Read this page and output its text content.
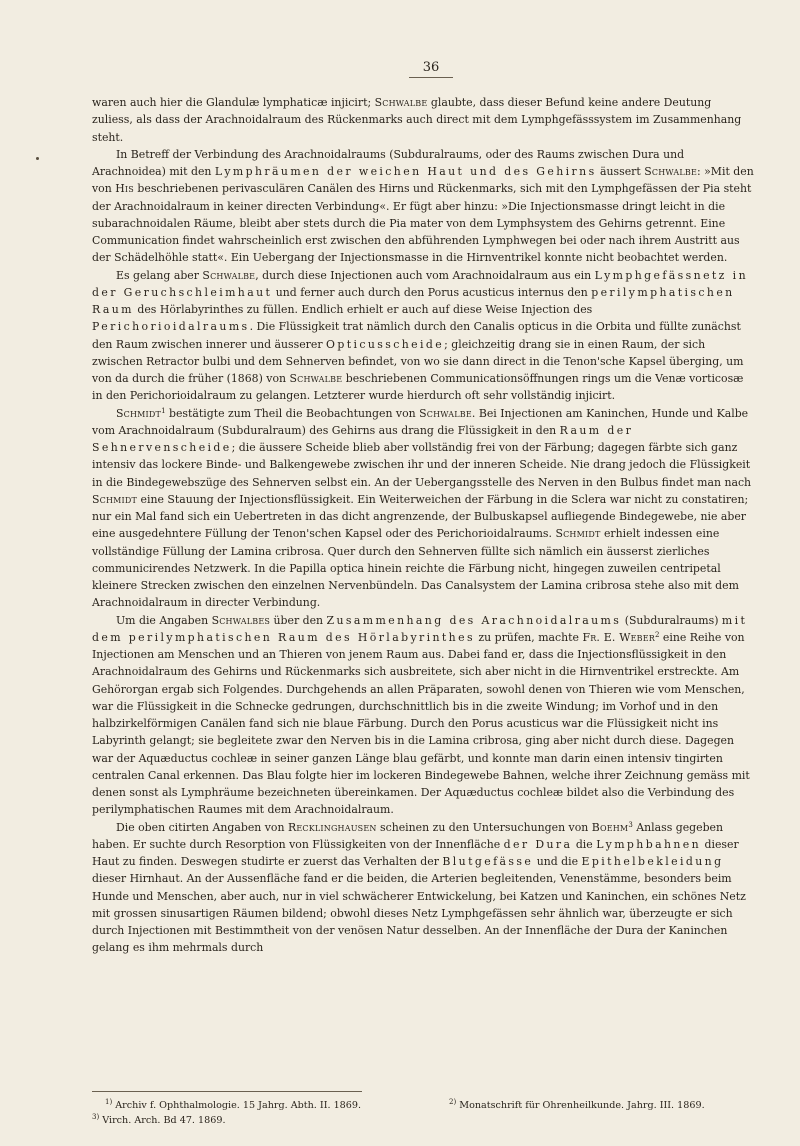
36

waren auch hier die Glandulæ lymphaticæ injicirt; Schwalbe glaubte, dass dieser Befund keine andere Deutung zuliess, als dass der Arachnoidalraum des Rückenmarks auch direct mit dem Lymphgefässsystem im Zusammenhang steht.

In Betreff der Verbindung des Arachnoidalraums (Subduralraums, oder des Raums zwischen Dura und Arachnoidea) mit den Lymphräumen der weichen Haut und des Gehirns äussert Schwalbe: »Mit den von His beschriebenen perivasculären Canälen des Hirns und Rückenmarks, sich mit den Lymphgefässen der Pia steht der Arachnoidalraum in keiner directen Verbindung«. Er fügt aber hinzu: »Die Injectionsmasse dringt leicht in die subarachnoidalen Räume, bleibt aber stets durch die Pia mater von dem Lymphsystem des Gehirns getrennt. Eine Communication findet wahrscheinlich erst zwischen den abführenden Lymphwegen bei oder nach ihrem Austritt aus der Schädelhöhle statt«. Ein Uebergang der Injectionsmasse in die Hirnventrikel konnte nicht beobachtet werden.

Es gelang aber Schwalbe, durch diese Injectionen auch vom Arachnoidalraum aus ein Lymphgefässnetz in der Geruchschleimhaut und ferner auch durch den Porus acusticus internus den perilymphatischen Raum des Hörlabyrinthes zu füllen. Endlich erhielt er auch auf diese Weise Injection des Perichorioidalraums. Die Flüssigkeit trat nämlich durch den Canalis opticus in die Orbita und füllte zunächst den Raum zwischen innerer und äusserer Opticusscheide; gleichzeitig drang sie in einen Raum, der sich zwischen Retractor bulbi und dem Sehnerven befindet, von wo sie dann direct in die Tenon'sche Kapsel überging, um von da durch die früher (1868) von Schwalbe beschriebenen Communicationsöffnungen rings um die Venæ vorticosæ in den Perichorioidalraum zu gelangen. Letzterer wurde hierdurch oft sehr vollständig injicirt.

Schmidt$^1$ bestätigte zum Theil die Beobachtungen von Schwalbe. Bei Injectionen am Kaninchen, Hunde und Kalbe vom Arachnoidalraum (Subduralraum) des Gehirns aus drang die Flüssigkeit in den Raum der Sehnervenscheide; die äussere Scheide blieb aber vollständig frei von der Färbung; dagegen färbte sich ganz intensiv das lockere Binde- und Balkengewebe zwischen ihr und der inneren Scheide. Nie drang jedoch die Flüssigkeit in die Bindegewebszüge des Sehnerven selbst ein. An der Uebergangsstelle des Nerven in den Bulbus findet man nach Schmidt eine Stauung der Injectionsflüssigkeit. Ein Weiterweichen der Färbung in die Sclera war nicht zu constatiren; nur ein Mal fand sich ein Uebertreten in das dicht angrenzende, der Bulbuskapsel aufliegende Bindegewebe, nie aber eine ausgedehntere Füllung der Tenon'schen Kapsel oder des Perichorioidalraums. Schmidt erhielt indessen eine vollständige Füllung der Lamina cribrosa. Quer durch den Sehnerven füllte sich nämlich ein äusserst zierliches communicirendes Netzwerk. In die Papilla optica hinein reichte die Färbung nicht, hingegen zuweilen centripetal kleinere Strecken zwischen den einzelnen Nervenbündeln. Das Canalsystem der Lamina cribrosa stehe also mit dem Arachnoidalraum in directer Verbindung.

Um die Angaben Schwalbes über den Zusammenhang des Arachnoidalraums (Subduralraums) mit dem perilymphatischen Raum des Hörlabyrinthes zu prüfen, machte Fr. E. Weber$^2$ eine Reihe von Injectionen am Menschen und an Thieren von jenem Raum aus. Dabei fand er, dass die Injectionsflüssigkeit in den Arachnoidalraum des Gehirns und Rückenmarks sich ausbreitete, sich aber nicht in die Hirnventrikel erstreckte. Am Gehörorgan ergab sich Folgendes. Durchgehends an allen Präparaten, sowohl denen von Thieren wie vom Menschen, war die Flüssigkeit in die Schnecke gedrungen, durchschnittlich bis in die zweite Windung; im Vorhof und in den halbzirkelförmigen Canälen fand sich nie blaue Färbung. Durch den Porus acusticus war die Flüssigkeit nicht ins Labyrinth gelangt; sie begleitete zwar den Nerven bis in die Lamina cribrosa, ging aber nicht durch diese. Dagegen war der Aquæductus cochleæ in seiner ganzen Länge blau gefärbt, und konnte man darin einen intensiv tingirten centralen Canal erkennen. Das Blau folgte hier im lockeren Bindegewebe Bahnen, welche ihrer Zeichnung gemäss mit denen sonst als Lymphräume bezeichneten übereinkamen. Der Aquæductus cochleæ bildet also die Verbindung des perilymphatischen Raumes mit dem Arachnoidalraum.

Die oben citirten Angaben von Recklinghausen scheinen zu den Untersuchungen von Boehm$^3$ Anlass gegeben haben. Er suchte durch Resorption von Flüssigkeiten von der Innenfläche der Dura die Lymphbahnen dieser Haut zu finden. Deswegen studirte er zuerst das Verhalten der Blutgefässe und die Epithelbekleidung dieser Hirnhaut. An der Aussenfläche fand er die beiden, die Arterien begleitenden, Venenstämme, besonders beim Hunde und Menschen, aber auch, nur in viel schwächerer Entwickelung, bei Katzen und Kaninchen, ein schönes Netz mit grossen sinusartigen Räumen bildend; obwohl dieses Netz Lymphgefässen sehr ähnlich war, überzeugte er sich durch Injectionen mit Bestimmtheit von der venösen Natur desselben. An der Innenfläche der Dura der Kaninchen gelang es ihm mehrmals durch

$^{1)}$ Archiv f. Ophthalmologie. 15 Jahrg. Abth. II. 1869.	$^{2)}$ Monatschrift für Ohrenheilkunde. Jahrg. III. 1869.
$^{3)}$ Virch. Arch. Bd 47. 1869.
